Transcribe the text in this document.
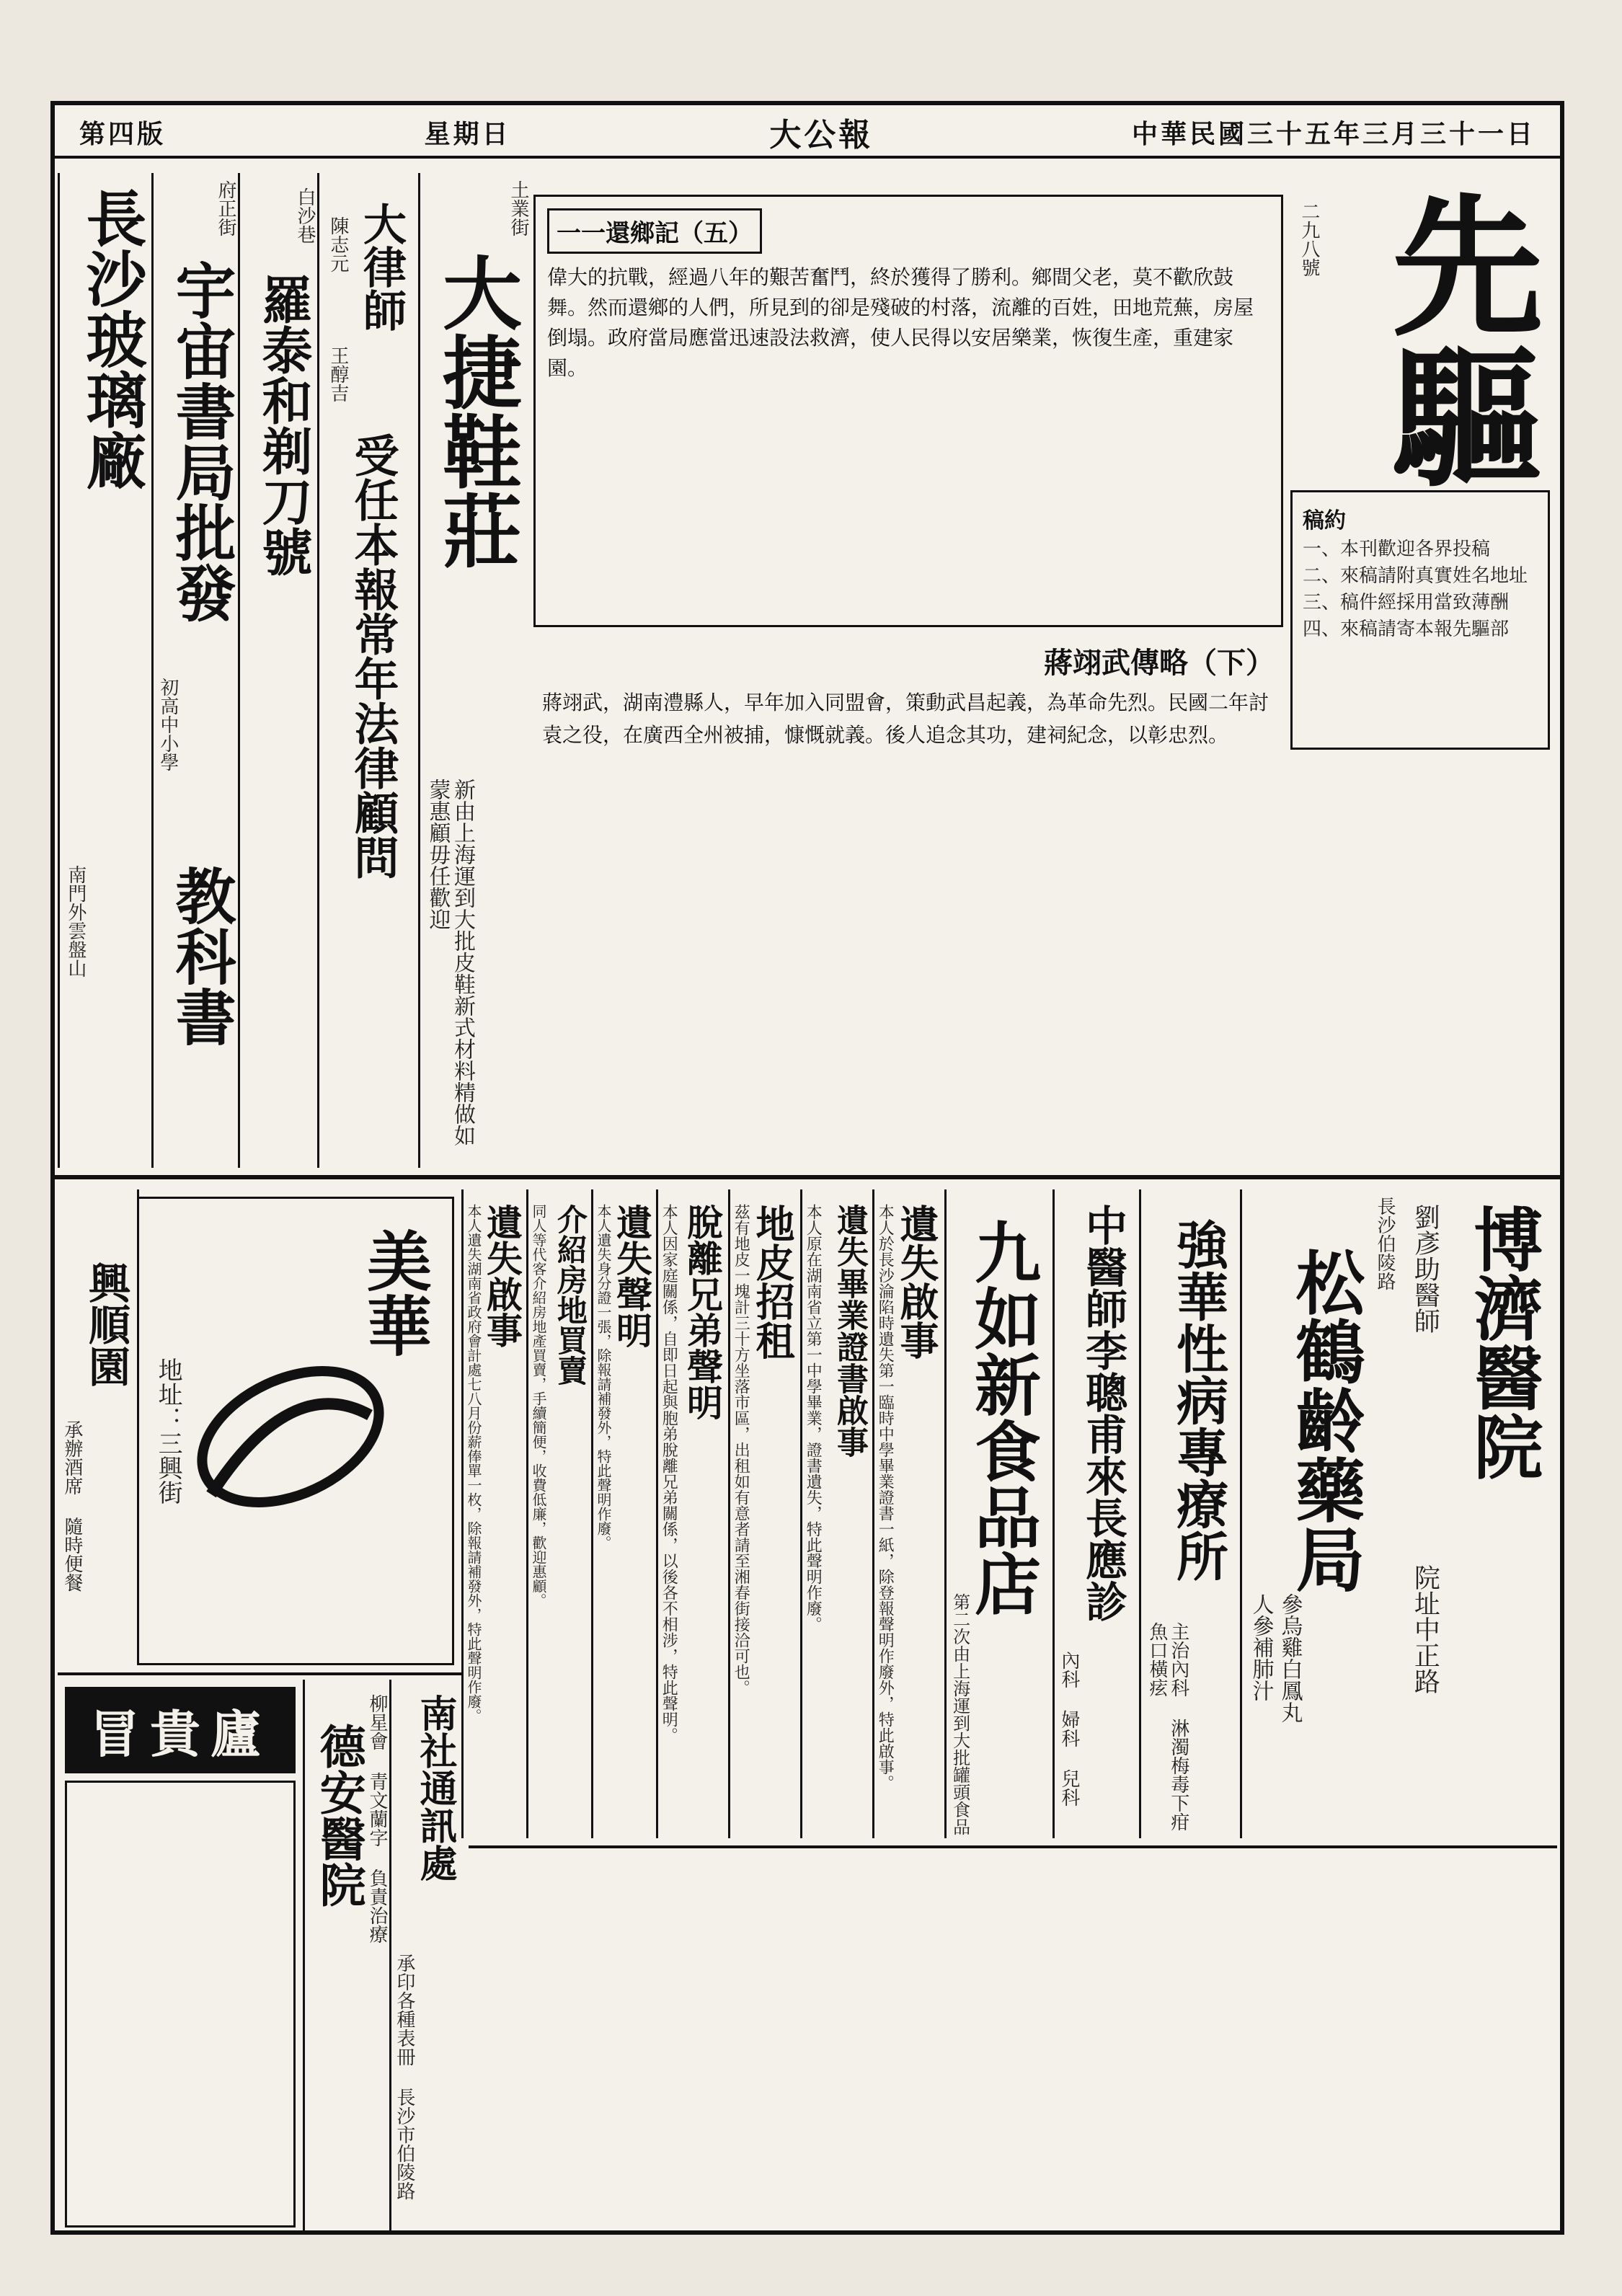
第四版	星期日	大公報	中華民國三十五年三月三十一日
先驅
二九八號
稿約
一、本刊歡迎各界投稿
二、來稿請附真實姓名地址
三、稿件經採用當致薄酬
四、來稿請寄本報先驅部
一一還鄉記（五）
偉大的抗戰，經過八年的艱苦奮鬥，終於獲得了勝利。鄉間父老，莫不歡欣鼓舞。然而還鄉的人們，所見到的卻是殘破的村落，流離的百姓，田地荒蕪，房屋倒塌。政府當局應當迅速設法救濟，使人民得以安居樂業，恢復生產，重建家園。
蔣翊武傳略（下）
蔣翊武，湖南澧縣人，早年加入同盟會，策動武昌起義，為革命先烈。民國二年討袁之役，在廣西全州被捕，慷慨就義。後人追念其功，建祠紀念，以彰忠烈。
土業街
大捷鞋莊
新由上海運到大批皮鞋新式材料精做如蒙惠顧毋任歡迎
大律師
陳志元
王醇吉
受任本報常年法律顧問
白沙巷
羅泰和剃刀號
府正街
宇宙書局批發
初高中小學
教科書
長沙玻璃廠
南門外雲盤山
博濟醫院
劉彥助醫師
院址中正路
長沙伯陵路
松鶴齡藥局
人參補肺汁 參烏雞白鳳丸
強華性病專療所
主治內科 淋濁梅毒下疳魚口橫痃
中醫師李聰甫來長應診
內科 婦科 兒科
九如新食品店
第二次由上海運到大批罐頭食品
遺失啟事
本人於長沙淪陷時遺失第一臨時中學畢業證書一紙，除登報聲明作廢外，特此啟事。
遺失畢業證書啟事
本人原在湖南省立第一中學畢業，證書遺失，特此聲明作廢。
地皮招租
茲有地皮一塊計三十方坐落市區，出租如有意者請至湘春街接洽可也。
脫離兄弟聲明
本人因家庭關係，自即日起與胞弟脫離兄弟關係，以後各不相涉，特此聲明。
遺失聲明
本人遺失身分證一張，除報請補發外，特此聲明作廢。
介紹房地買賣
同人等代客介紹房地產買賣，手續簡便，收費低廉，歡迎惠顧。
遺失啟事
本人遺失湖南省政府會計處七八月份薪俸單一枚，除報請補發外，特此聲明作廢。
美華
地址：三興街
興順園
承辦酒席 隨時便餐
南社通訊處
承印各種表冊 長沙市伯陵路
柳星會 青文蘭字 負責治療
德安醫院
冒貴廬
